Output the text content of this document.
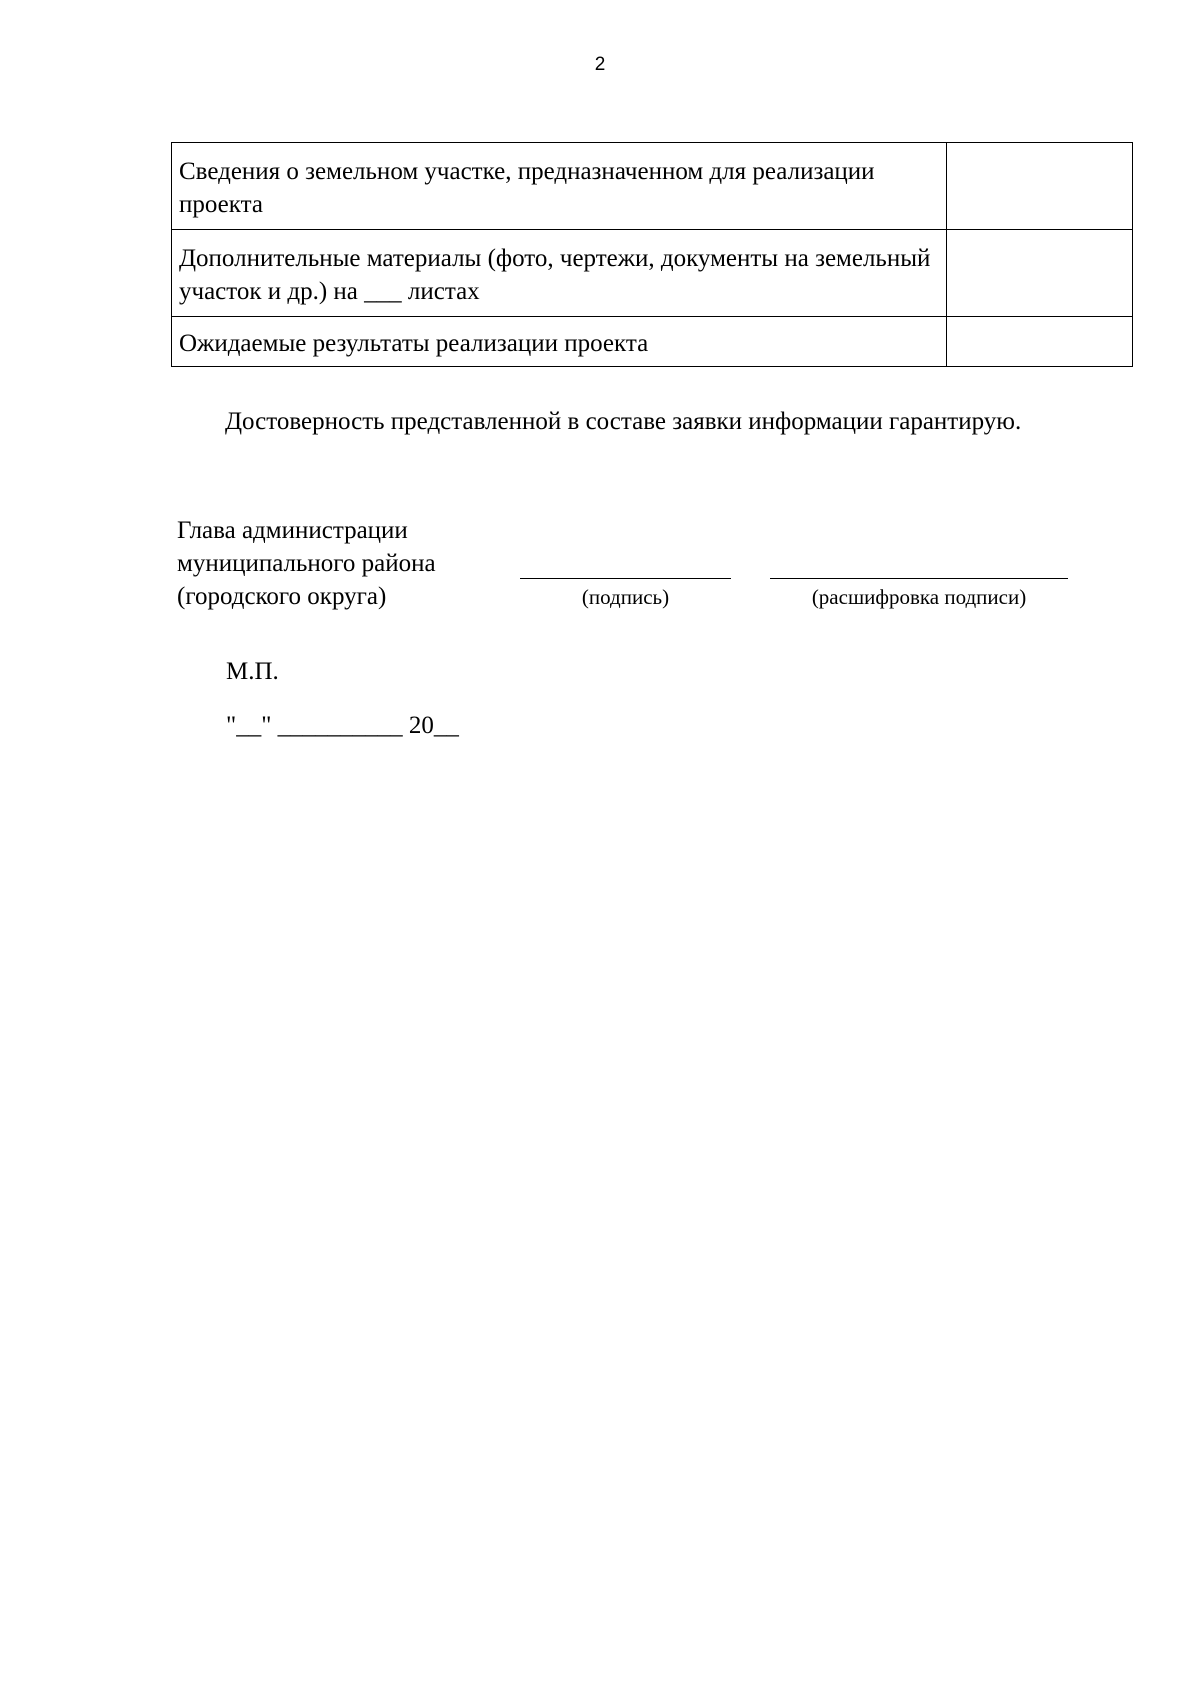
2
Сведения о земельном участке, предназначенном для реализации проекта	
Дополнительные материалы (фото, чертежи, документы на земельный участок и др.) на ___ листах	
Ожидаемые результаты реализации проекта	
Достоверность представленной в составе заявки информации гарантирую.
Глава администрации
муниципального района
(городского округа)	(подпись)	(расшифровка подписи)
М.П.
"__" __________ 20__
